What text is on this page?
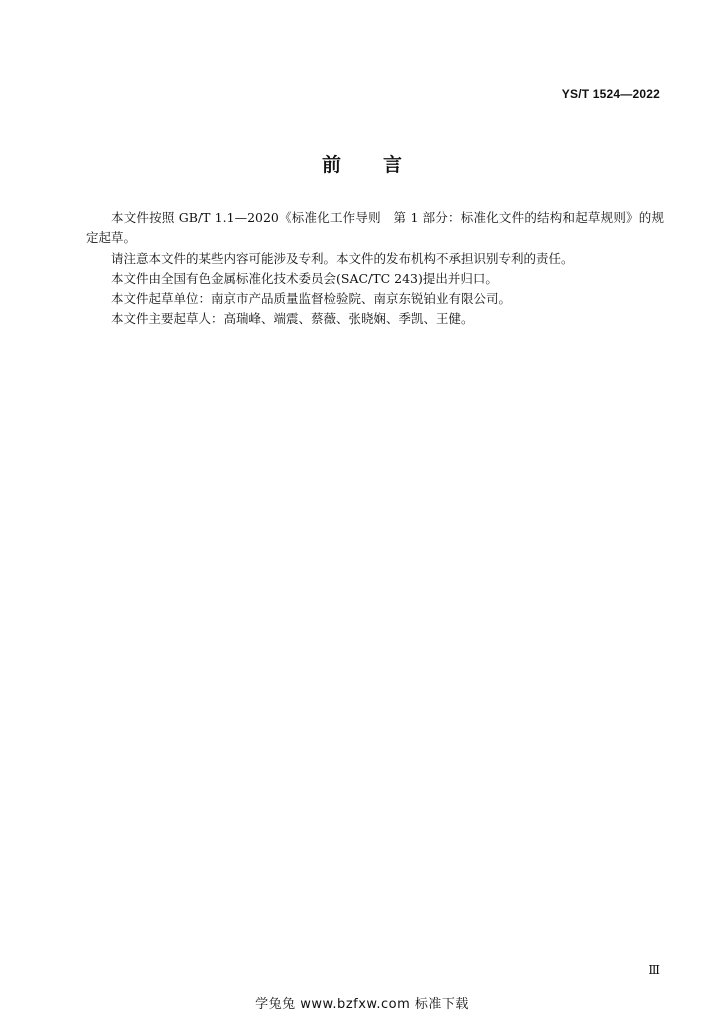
YS/T 1524—2022
前 言

本文件按照 GB/T 1.1—2020《标准化工作导则　第 1 部分：标准化文件的结构和起草规则》的规定起草。

请注意本文件的某些内容可能涉及专利。本文件的发布机构不承担识别专利的责任。

本文件由全国有色金属标准化技术委员会(SAC/TC 243)提出并归口。

本文件起草单位：南京市产品质量监督检验院、南京东锐铂业有限公司。

本文件主要起草人：高瑞峰、端震、蔡薇、张晓娴、季凯、王健。

Ⅲ
学兔兔 www.bzfxw.com 标准下载
